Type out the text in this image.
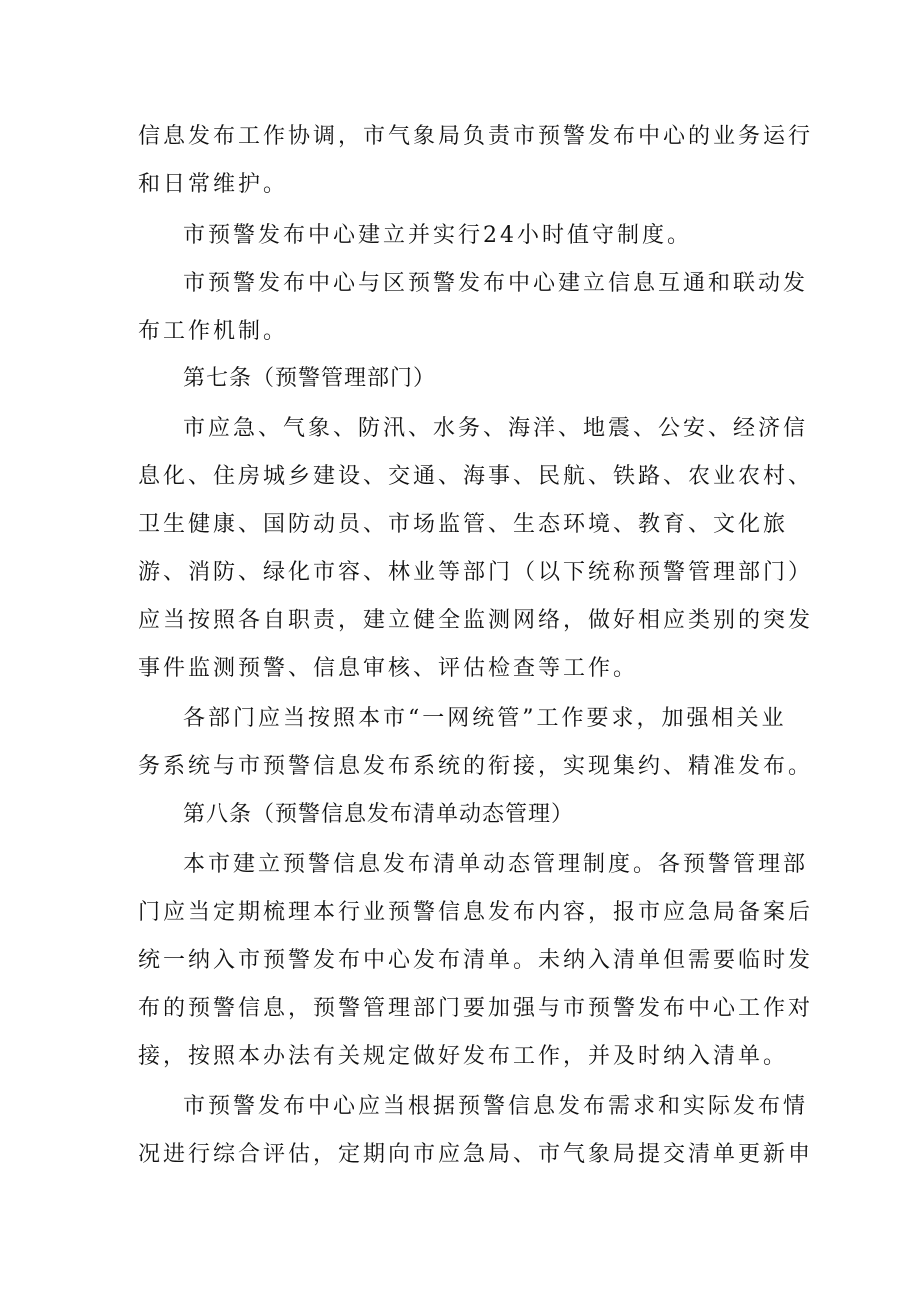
信息发布工作协调，市气象局负责市预警发布中心的业务运行
和日常维护。
市预警发布中心建立并实行24小时值守制度。
市预警发布中心与区预警发布中心建立信息互通和联动发
布工作机制。
第七条（预警管理部门）
市应急、气象、防汛、水务、海洋、地震、公安、经济信
息化、住房城乡建设、交通、海事、民航、铁路、农业农村、
卫生健康、国防动员、市场监管、生态环境、教育、文化旅
游、消防、绿化市容、林业等部门（以下统称预警管理部门）
应当按照各自职责，建立健全监测网络，做好相应类别的突发
事件监测预警、信息审核、评估检查等工作。
各部门应当按照本市“一网统管”工作要求，加强相关业
务系统与市预警信息发布系统的衔接，实现集约、精准发布。
第八条（预警信息发布清单动态管理）
本市建立预警信息发布清单动态管理制度。各预警管理部
门应当定期梳理本行业预警信息发布内容，报市应急局备案后
统一纳入市预警发布中心发布清单。未纳入清单但需要临时发
布的预警信息，预警管理部门要加强与市预警发布中心工作对
接，按照本办法有关规定做好发布工作，并及时纳入清单。
市预警发布中心应当根据预警信息发布需求和实际发布情
况进行综合评估，定期向市应急局、市气象局提交清单更新申
